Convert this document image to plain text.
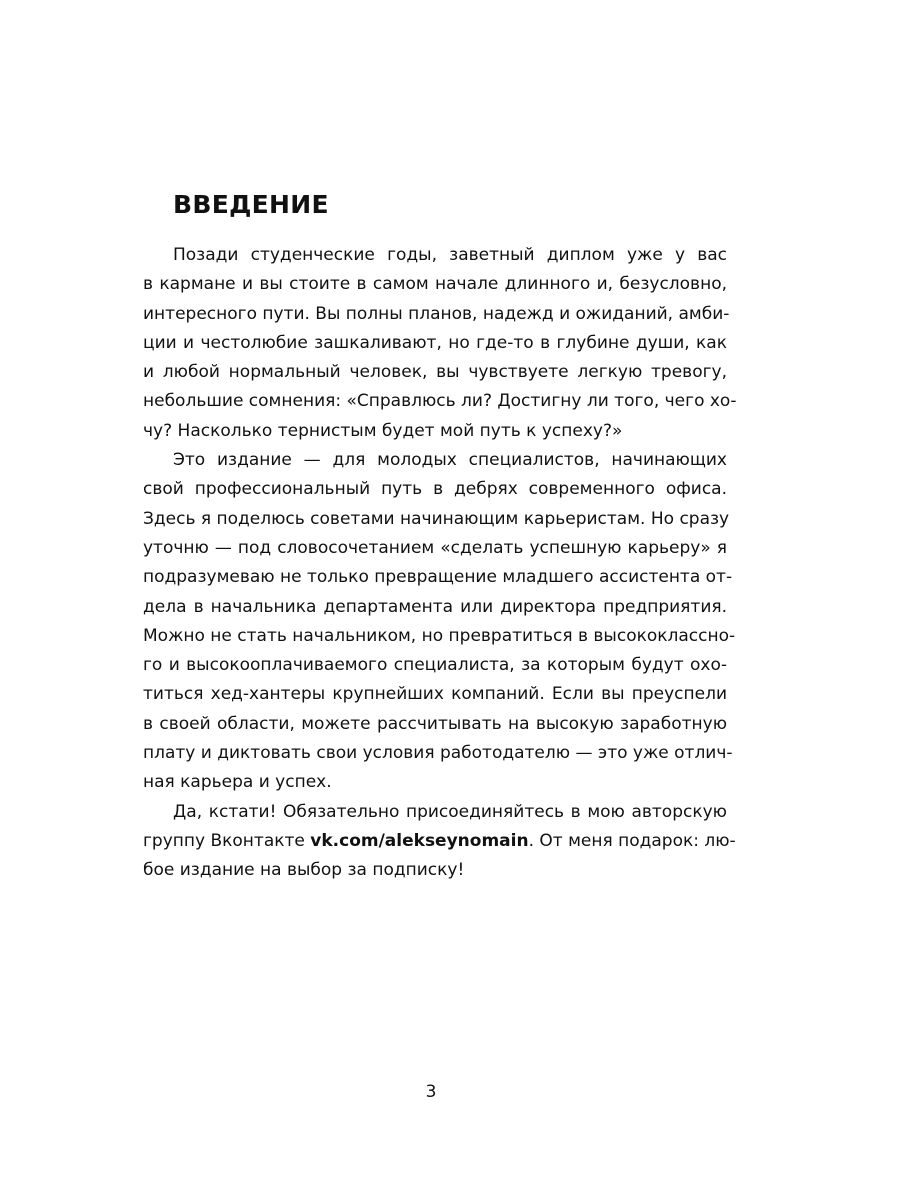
ВВЕДЕНИЕ

Позади студенческие годы, заветный диплом уже у вас
в кармане и вы стоите в самом начале длинного и, безусловно,
интересного пути. Вы полны планов, надежд и ожиданий, амби-
ции и честолюбие зашкаливают, но где-то в глубине души, как
и любой нормальный человек, вы чувствуете легкую тревогу,
небольшие сомнения: «Справлюсь ли? Достигну ли того, чего хо-
чу? Насколько тернистым будет мой путь к успеху?»

Это издание — для молодых специалистов, начинающих
свой профессиональный путь в дебрях современного офиса.
Здесь я поделюсь советами начинающим карьеристам. Но сразу
уточню — под словосочетанием «сделать успешную карьеру» я
подразумеваю не только превращение младшего ассистента от-
дела в начальника департамента или директора предприятия.
Можно не стать начальником, но превратиться в высококлассно-
го и высокооплачиваемого специалиста, за которым будут охо-
титься хед-хантеры крупнейших компаний. Если вы преуспели
в своей области, можете рассчитывать на высокую заработную
плату и диктовать свои условия работодателю — это уже отлич-
ная карьера и успех.

Да, кстати! Обязательно присоединяйтесь в мою авторскую
группу Вконтакте vk.com/alekseynomain. От меня подарок: лю-
бое издание на выбор за подписку!

3
